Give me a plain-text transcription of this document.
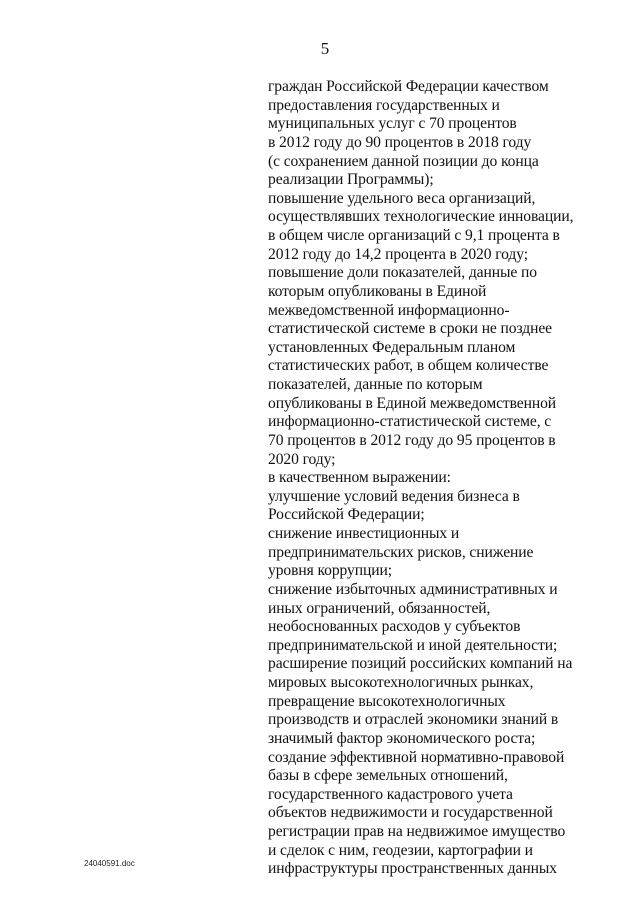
5
граждан Российской Федерации качеством
предоставления государственных и
муниципальных услуг с 70 процентов
в 2012 году до 90 процентов в 2018 году
(с сохранением данной позиции до конца
реализации Программы);
повышение удельного веса организаций,
осуществлявших технологические инновации,
в общем числе организаций с 9,1 процента в
2012 году до 14,2 процента в 2020 году;
повышение доли показателей, данные по
которым опубликованы в Единой
межведомственной информационно-
статистической системе в сроки не позднее
установленных Федеральным планом
статистических работ, в общем количестве
показателей, данные по которым
опубликованы в Единой межведомственной
информационно-статистической системе, с
70 процентов в 2012 году до 95 процентов в
2020 году;
в качественном выражении:
улучшение условий ведения бизнеса в
Российской Федерации;
снижение инвестиционных и
предпринимательских рисков, снижение
уровня коррупции;
снижение избыточных административных и
иных ограничений, обязанностей,
необоснованных расходов у субъектов
предпринимательской и иной деятельности;
расширение позиций российских компаний на
мировых высокотехнологичных рынках,
превращение высокотехнологичных
производств и отраслей экономики знаний в
значимый фактор экономического роста;
создание эффективной нормативно-правовой
базы в сфере земельных отношений,
государственного кадастрового учета
объектов недвижимости и государственной
регистрации прав на недвижимое имущество
и сделок с ним, геодезии, картографии и
инфраструктуры пространственных данных
24040591.doc
